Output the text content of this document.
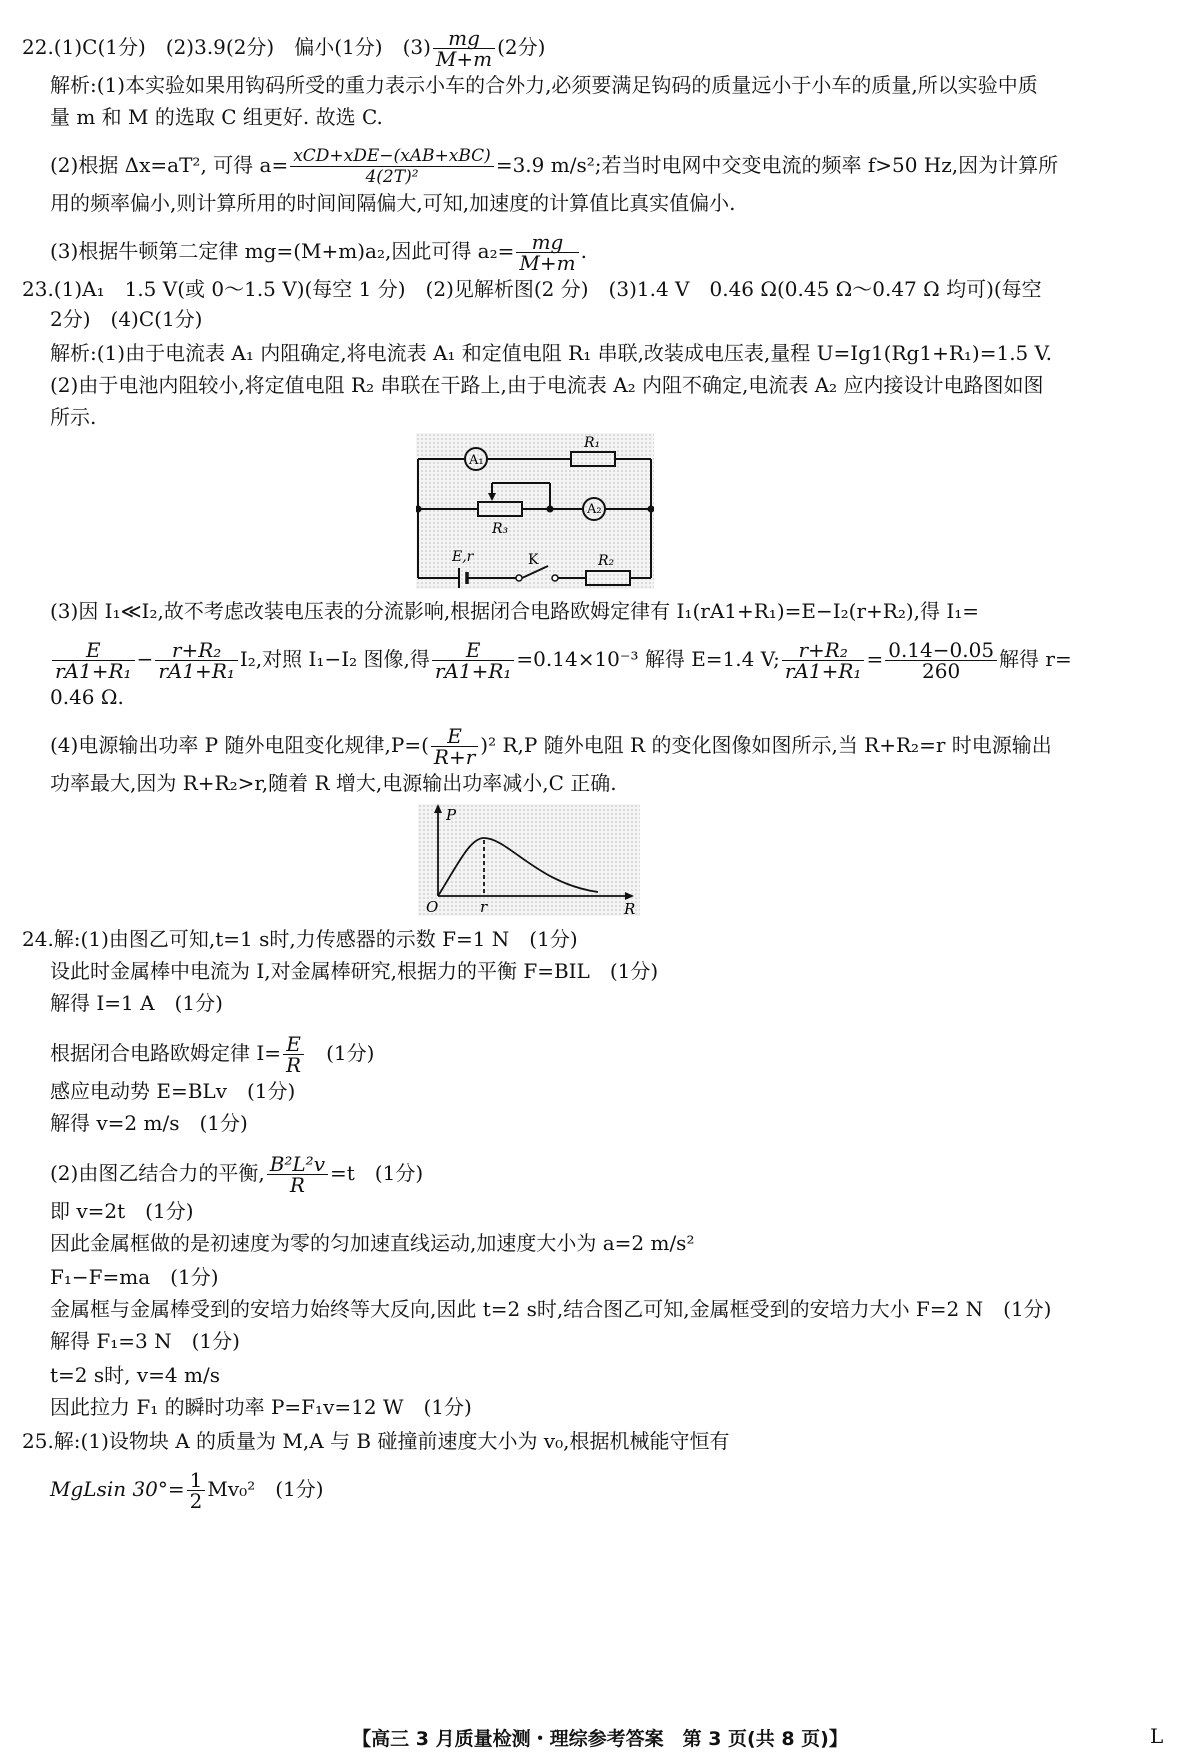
22.(1)C(1分)　(2)3.9(2分)　偏小(1分)　$(3) \frac{mg}{M+m} (2$分)
解析:(1)本实验如果用钩码所受的重力表示小车的合外力,必须要满足钩码的质量远小于小车的质量,所以实验中质
量 m 和 M 的选取 C 组更好. 故选 C.
(2)根据 Δx=aT², 可得 $a= \frac{\text{xCD+xDE−(xAB+xBC)}}{\text{4(2T)²}} =3.9$ m/s²;若当时电网中交变电流的频率 f>50 Hz,因为计算所
用的频率偏小,则计算所用的时间间隔偏大,可知,加速度的计算值比真实值偏小.
(3)根据牛顿第二定律 mg=(M+m)a₂,因此可得 $a_2= \frac{mg}{M+m}$ .
23.(1)A₁　1.5 V(或 0～1.5 V)(每空 1 分)　(2)见解析图(2 分)　(3)1.4 V　0.46 Ω(0.45 Ω～0.47 Ω 均可)(每空
2分)　(4)C(1分)
解析:(1)由于电流表 A₁ 内阻确定,将电流表 A₁ 和定值电阻 R₁ 串联,改装成电压表,量程 U=Ig1(Rg1+R₁)=1.5 V.
(2)由于电池内阻较小,将定值电阻 R₂ 串联在干路上,由于电流表 A₂ 内阻不确定,电流表 A₂ 应内接设计电路图如图
所示.
A₁
A₂
R₁
R₃
E,r	K	R₂
(3)因 I₁≪I₂,故不考虑改装电压表的分流影响,根据闭合电路欧姆定律有 I₁(rA1+R₁)=E−I₂(r+R₂),得 I₁=
$\frac{E}{\text{rA1+R₁}} - \frac{\text{r+R₂}}{\text{rA1+R₁}} I_2$,对照 I₁−I₂ 图像,得 $\frac{E}{\text{rA1+R₁}} =0.14\times 10^{-3}$ 解得 E=1.4 V; $\frac{\text{r+R₂}}{\text{rA1+R₁}} = \frac{0.14-0.05}{260}$ 解得 r=
0.46 Ω.
(4)电源输出功率 P 随外电阻变化规律$,P=( \frac{E}{R+r} )^2$ R,P 随外电阻 R 的变化图像如图所示,当 R+R₂=r 时电源输出
功率最大,因为 R+R₂>r,随着 R 增大,电源输出功率减小,C 正确.
P
O	r	R
24.解:(1)由图乙可知,t=1 s时,力传感器的示数 F=1 N　(1分)
设此时金属棒中电流为 I,对金属棒研究,根据力的平衡 F=BIL　(1分)
解得 I=1 A　(1分)
根据闭合电路欧姆定律 $I= \frac{E}{R}$ 　(1分)
感应电动势 E=BLv　(1分)
解得 v=2 m/s　(1分)
(2)由图乙结合力的平衡, $\frac{\text{B²L²v}}{R} =t$　(1分)
即 v=2t　(1分)
因此金属框做的是初速度为零的匀加速直线运动,加速度大小为 a=2 m/s²
F₁−F=ma　(1分)
金属框与金属棒受到的安培力始终等大反向,因此 t=2 s时,结合图乙可知,金属框受到的安培力大小 F=2 N　(1分)
解得 F₁=3 N　(1分)
t=2 s时, v=4 m/s
因此拉力 F₁ 的瞬时功率 P=F₁v=12 W　(1分)
25.解:(1)设物块 A 的质量为 M,A 与 B 碰撞前速度大小为 v₀,根据机械能守恒有
MgLsin $30^\circ= \frac{1}{2} Mv_0^2$　(1分)
【高三 3 月质量检测・理综参考答案　第 3 页(共 8 页)】	L
